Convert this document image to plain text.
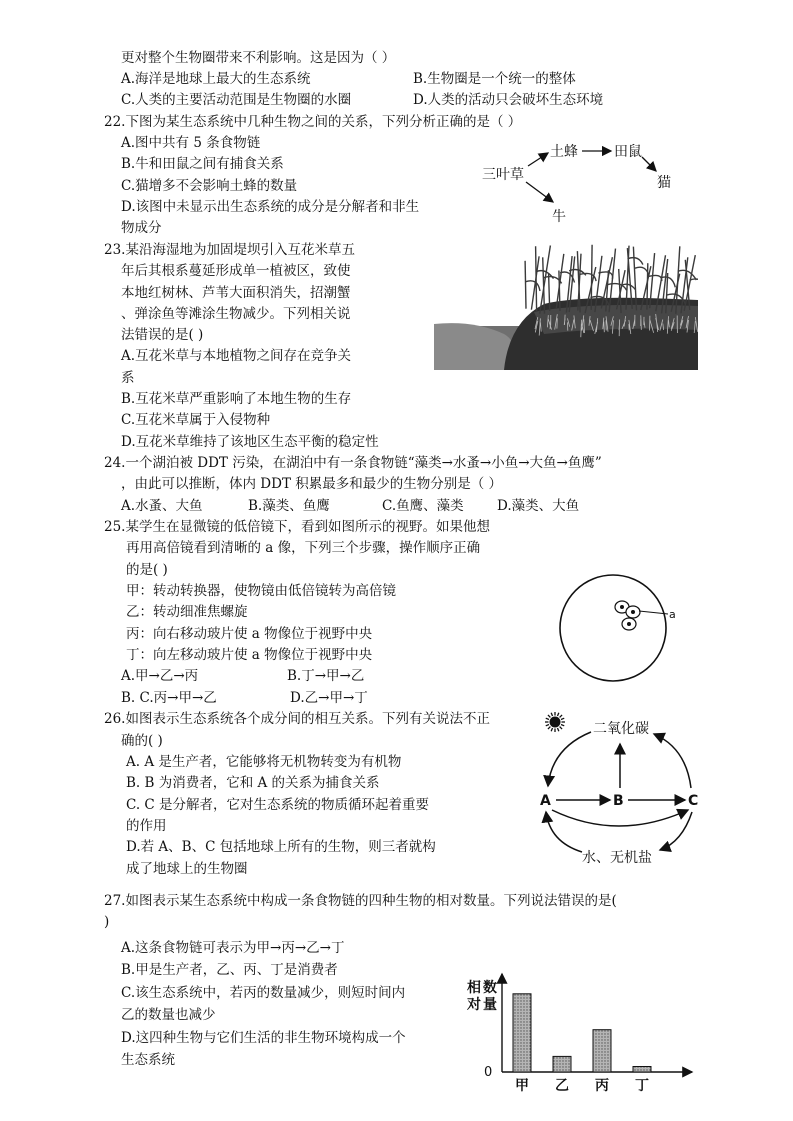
更对整个生物圈带来不利影响。这是因为（ ）
A.海洋是地球上最大的生态系统	B.生物圈是一个统一的整体
C.人类的主要活动范围是生物圈的水圈	D.人类的活动只会破坏生态环境
22.下图为某生态系统中几种生物之间的关系，下列分析正确的是（ ）
A.图中共有 5 条食物链
B.牛和田鼠之间有捕食关系
C.猫增多不会影响土蜂的数量
D.该图中未显示出生态系统的成分是分解者和非生
物成分
三叶草
土蜂	田鼠
猫
牛
23.某沿海湿地为加固堤坝引入互花米草五
年后其根系蔓延形成单一植被区，致使
本地红树林、芦苇大面积消失，招潮蟹
、弹涂鱼等滩涂生物减少。下列相关说
法错误的是( )
A.互花米草与本地植物之间存在竞争关
系
B.互花米草严重影响了本地生物的生存
C.互花米草属于入侵物种
D.互花米草维持了该地区生态平衡的稳定性
24.一个湖泊被 DDT 污染，在湖泊中有一条食物链“藻类→水蚤→小鱼→大鱼→鱼鹰”
，由此可以推断，体内 DDT 积累最多和最少的生物分别是（ ）
A.水蚤、大鱼	B.藻类、鱼鹰	C.鱼鹰、藻类 D.藻类、大鱼
25.某学生在显微镜的低倍镜下，看到如图所示的视野。如果他想
再用高倍镜看到清晰的 a 像，下列三个步骤，操作顺序正确
的是( )
甲：转动转换器，使物镜由低倍镜转为高倍镜
乙：转动细准焦螺旋
丙：向右移动玻片使 a 物像位于视野中央
丁：向左移动玻片使 a 物像位于视野中央
A.甲→乙→丙	B.丁→甲→乙
B. C.丙→甲→乙	D.乙→甲→丁
a
26.如图表示生态系统各个成分间的相互关系。下列有关说法不正
确的( )
A. A 是生产者，它能够将无机物转变为有机物
B. B 为消费者，它和 A 的关系为捕食关系
C. C 是分解者，它对生态系统的物质循环起着重要
的作用
D.若 A、B、C 包括地球上所有的生物，则三者就构
成了地球上的生物圈
二氧化碳
A	B	C
水、无机盐
27.如图表示某生态系统中构成一条食物链的四种生物的相对数量。下列说法错误的是(
)
A.这条食物链可表示为甲→丙→乙→丁
B.甲是生产者，乙、丙、丁是消费者
C.该生态系统中，若丙的数量减少，则短时间内
乙的数量也减少
D.这四种生物与它们生活的非生物环境构成一个
生态系统
相
对
数
量
0
甲 乙 丙 丁
